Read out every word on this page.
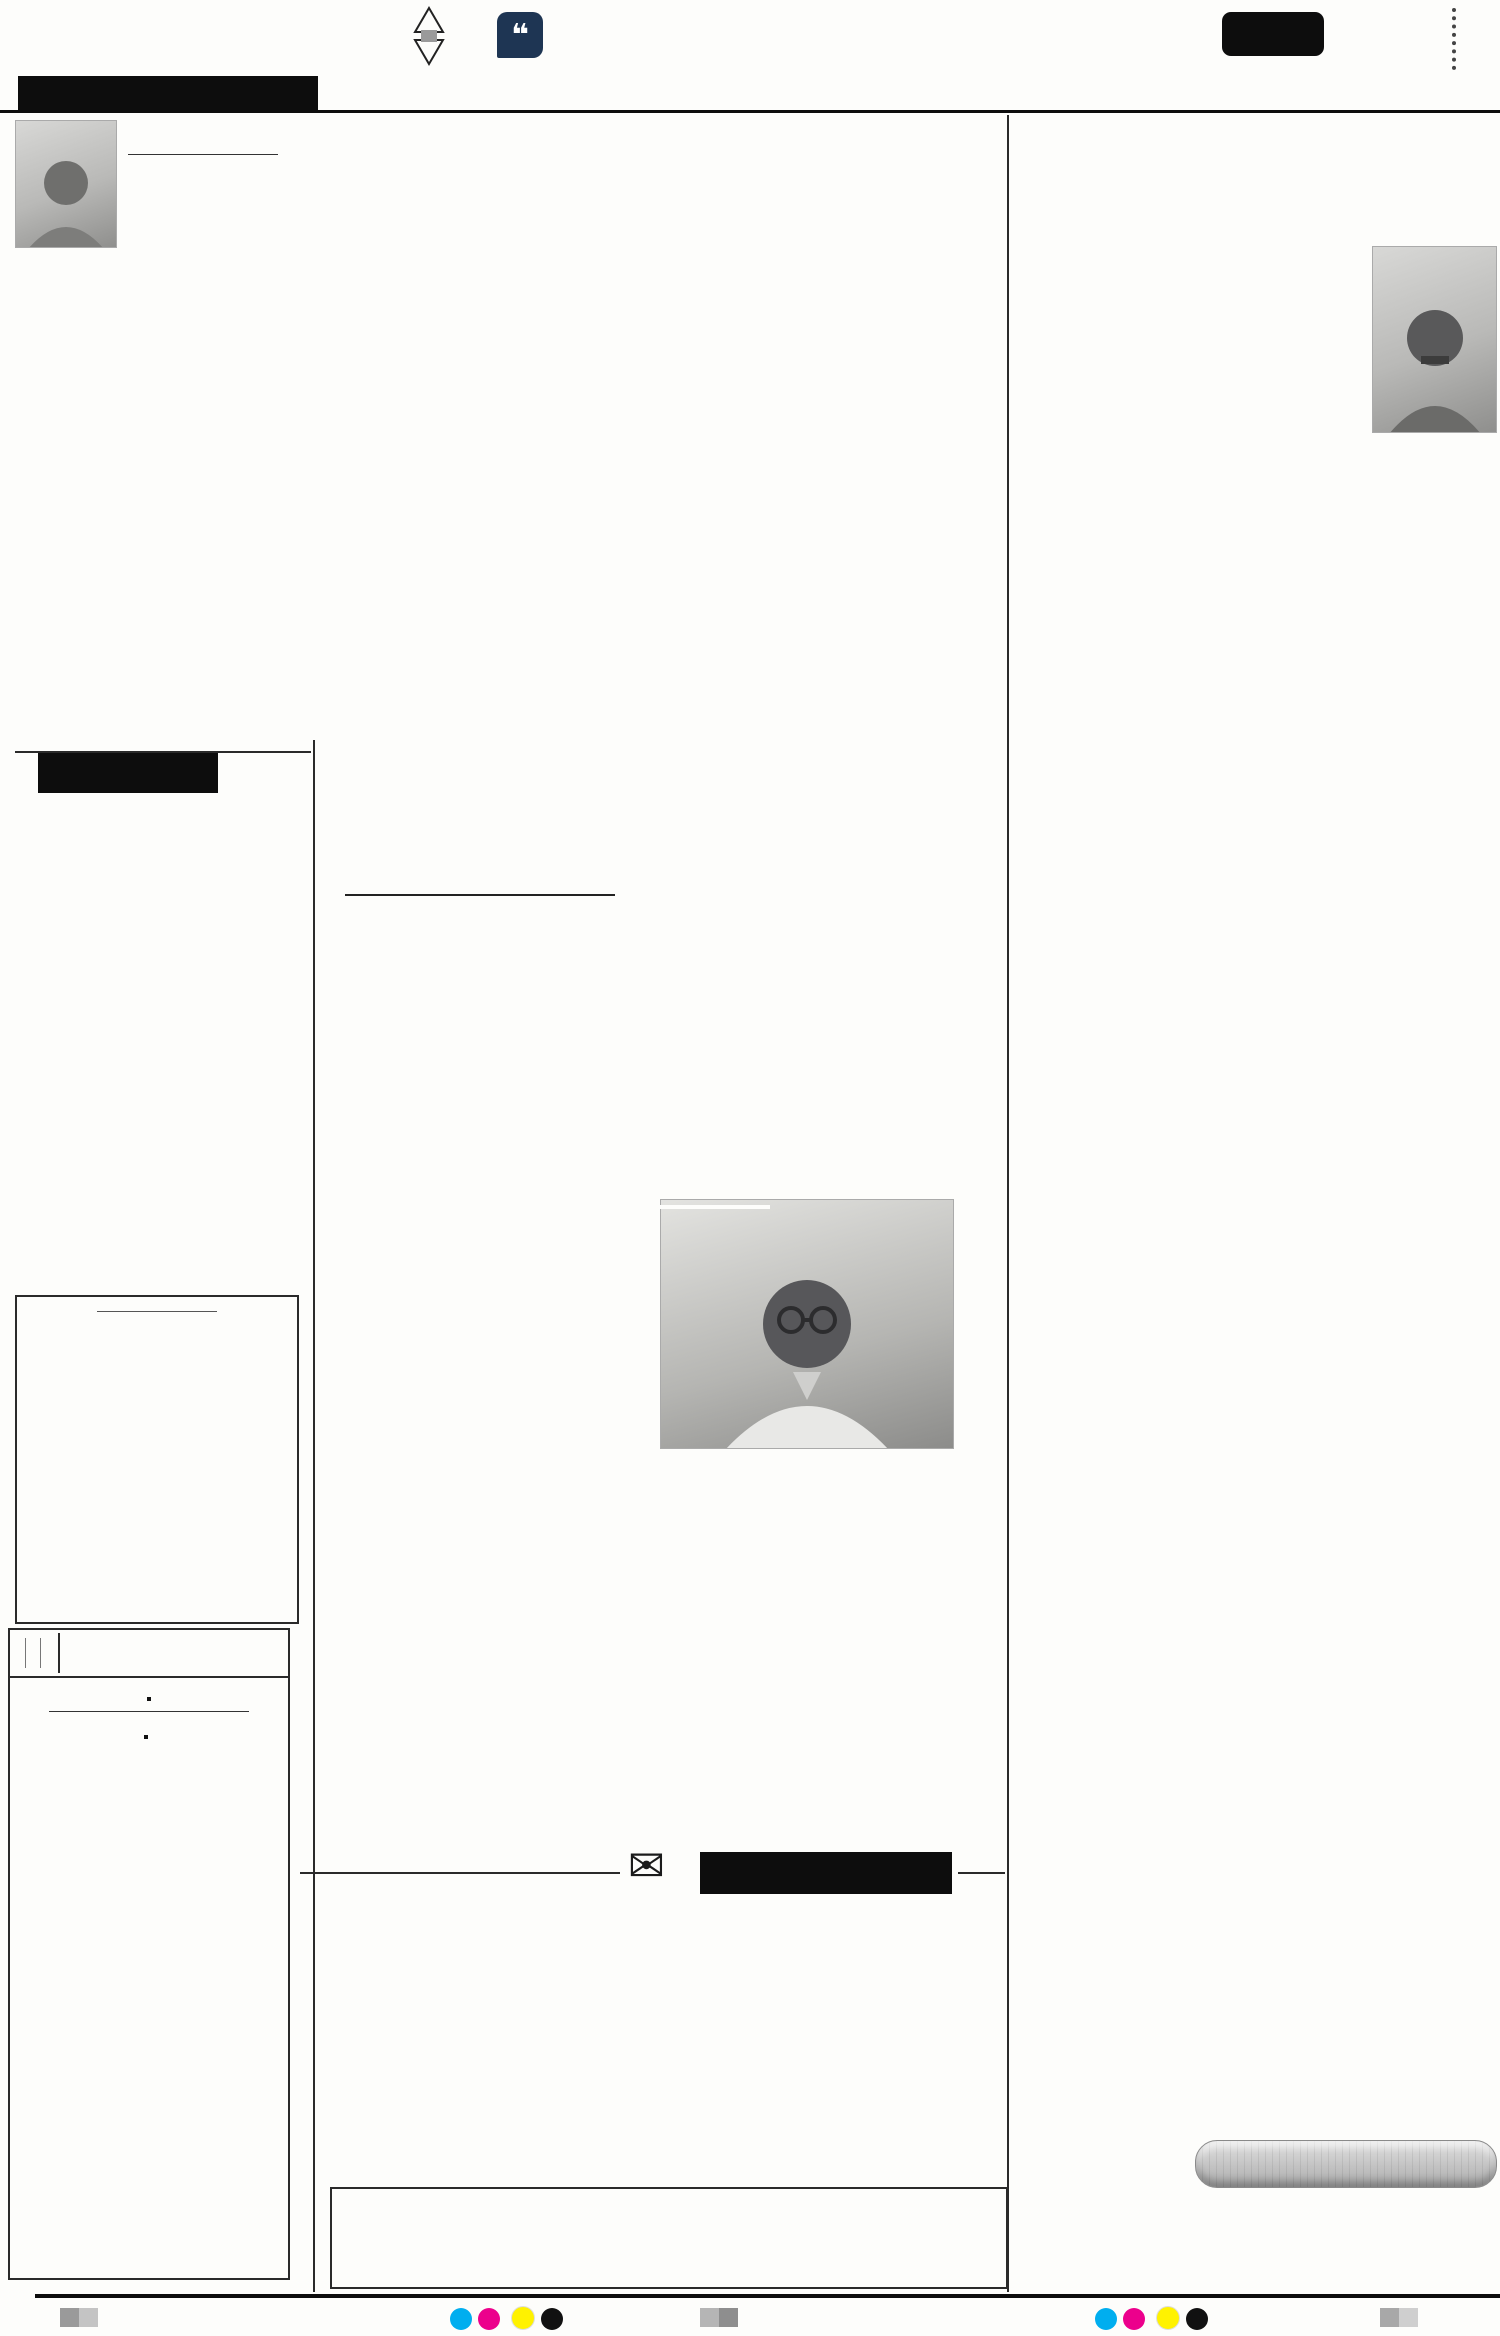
❝
✉
